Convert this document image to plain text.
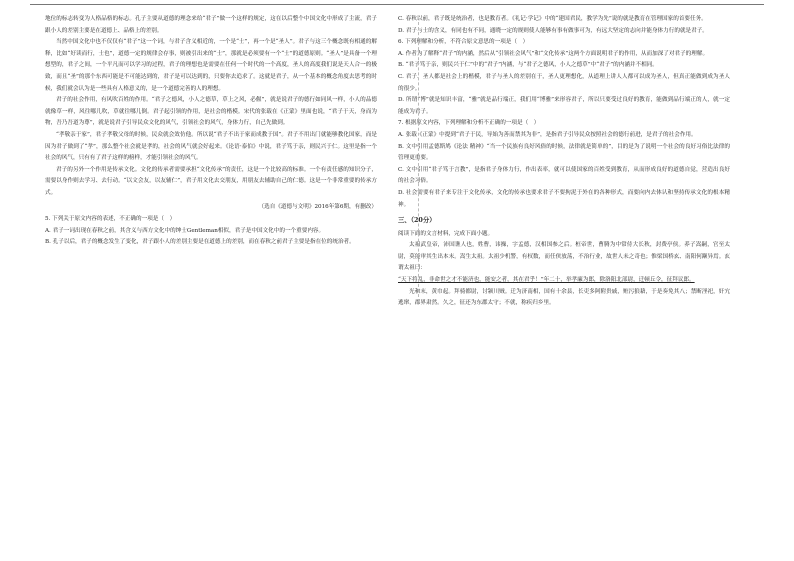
地位的标志转变为人格品格的标志。孔子主要从道德的理念来给“君子”做一个这样的规定，这在以后整个中国文化中形成了主流，君子跟小人的差别主要是在道德上、品格上的差别。

当然中国文化中也不仅仅有“君子”这一个词，与君子含义相近的，一个是“士”，再一个是“圣人”。君子与这三个概念既有相通的解释，比如“好读而行，士也”，道德一定的规律会存事，则被引出来的“士”，那就是必须要有一个“士”的道德原则。“圣人”是具备一个理想型的，君子之间，一个平凡而可以学习的过程，君子的理想也是需要在任何一个时代的一个高度，圣人的高度我们说是天人合一的极致，而且“圣”的那个东西可能是不可能达到的，君子是可以达到的，只要你去追求了。这就是君子，从一个基本的概念角度去思考的时候，我们就会认为是一些具有人格意义的，是一个道德完善的人的理想。

君子的社会作用，有风吹百姓的作用。“君子之德风，小人之德草，草上之风，必偃”，就是说君子的德行如同风一样，小人的品德就像草一样，风往哪儿吹，草就往哪儿倒。君子起引领的作用，是社会的楷模。宋代的张载在《正蒙》里面也说，“君子于天，身而为物，吾乃吾道为尊”，就是说君子引导民众文化的风气，引领社会的风气，身体力行，自己先做到。

“孝敬亲于家”，君子孝敬父母的时候，民众就会效仿他。所以说“君子不出于家而成教于国”。君子不用出门就能够教化国家，而是因为君子做到了“孝”，那么整个社会就是孝的，社会的风气就会好起来。《论语·泰伯》中说，君子笃于亲，则民兴于仁。这里是指一个社会的风气，只有有了君子这样的榜样，才能引领社会的风气。

君子的另外一个作用是传承文化。文化的传承者需要承担“文化传承”的责任，这是一个比较高的标准。一个有责任感的知识分子，需要以身作则去学习、去行动。“以文会友，以友辅仁”，君子用文化去交朋友，用朋友去辅助自己的仁德。这是一个非常重要的传承方式。

（选自《道德与文明》2016年第6期，有删改）

5. 下列关于原文内容的表述，不正确的一项是（　）

A. 君子一词出现在春秋之前，其含义与西方文化中的绅士Gentleman相似，君子是中国文化中的一个重要内容。

B. 孔子以后，君子的概念发生了变化，君子跟小人的差别主要是在道德上的差别，而在春秋之前君子主要是指在位的统治者。

C. 春秋以前，君子既是统治者，也是教育者。《礼记·学记》中的“建国君民，教学为先”说的就是教育在管理国家的首要任务。

D. 君子与士的含义，有同也有不同，通晓一定的规则使人能够有事有做事可为，有远大坚定的志向并能身体力行的就是君子。

6. 下列理解和分析，不符合原文意思的一项是（　）

A. 作者为了解释“君子”的内涵，然后从“引领社会风气”和“文化传承”这两个方面说明君子的作用，从而加深了对君子的理解。

B. “君子笃于亲，则民兴于仁”中的“君子”内涵，与“君子之德风，小人之德草”中“君子”的内涵并不相同。

C. 君子、圣人都是社会上的楷模，君子与圣人的差别在于，圣人更理想化，从道理上讲人人都可以成为圣人，但真正能做到成为圣人的很少。

D. 所谓“博”就是知识丰富，“雅”就是品行端正，我们用“博雅”来形容君子，所以只要受过良好的教育，能做到品行端正的人，就一定能成为君子。

7. 根据原文内容，下列理解和分析不正确的一项是（　）

A. 张载《正蒙》中提到“君子于民，导始为善而禁其为非”，是指君子引导民众按照社会的德行前进，是君子的社会作用。

B. 文中引用孟德斯鸠《论法 精神》“当一个民族有良好风俗的时候，法律就是简单的”，目的是为了说明一个社会的良好习俗比法律的管理更重要。

C. 文中引用“君子笃于言教”，是指君子身体力行，作出表率，就可以使国家的百姓受到教育，从而形成良好的道德自觉，营造出良好的社会习俗。

D. 社会需要有君子来专注于文化传承，文化的传承也要求君子不要拘泥于外在的各种形式，而要向内去体认和坚持传承文化的根本精神。

三、（20分）

阅读下面的文言材料，完成下面小题。

太祖武皇帝，沛国谯人也，姓曹，讳操，字孟德，汉相国参之后。桓帝世，曹腾为中常侍大长秋，封费亭侯。养子嵩嗣，官至太尉，莫能审其生出本末。嵩生太祖。太祖少机警，有权数，而任侠放荡，不治行业，故世人未之奇也；惟梁国桥玄、南阳何颙异焉。玄谓太祖曰：

“天下将乱，非命世之才不能济也，能安之者，其在君乎！”年二十，举孝廉为郎，除洛阳北部尉，迁顿丘令，征拜议郎。

光和末，黄巾起。拜骑都尉，讨颍川贼。迁为济南相，国有十余县，长吏多阿附贵戚，赃污狼藉，于是奏免其八；禁断淫祀，奸宄逃窜，郡界肃然。久之，征还为东郡太守；不就，称疾归乡里。
